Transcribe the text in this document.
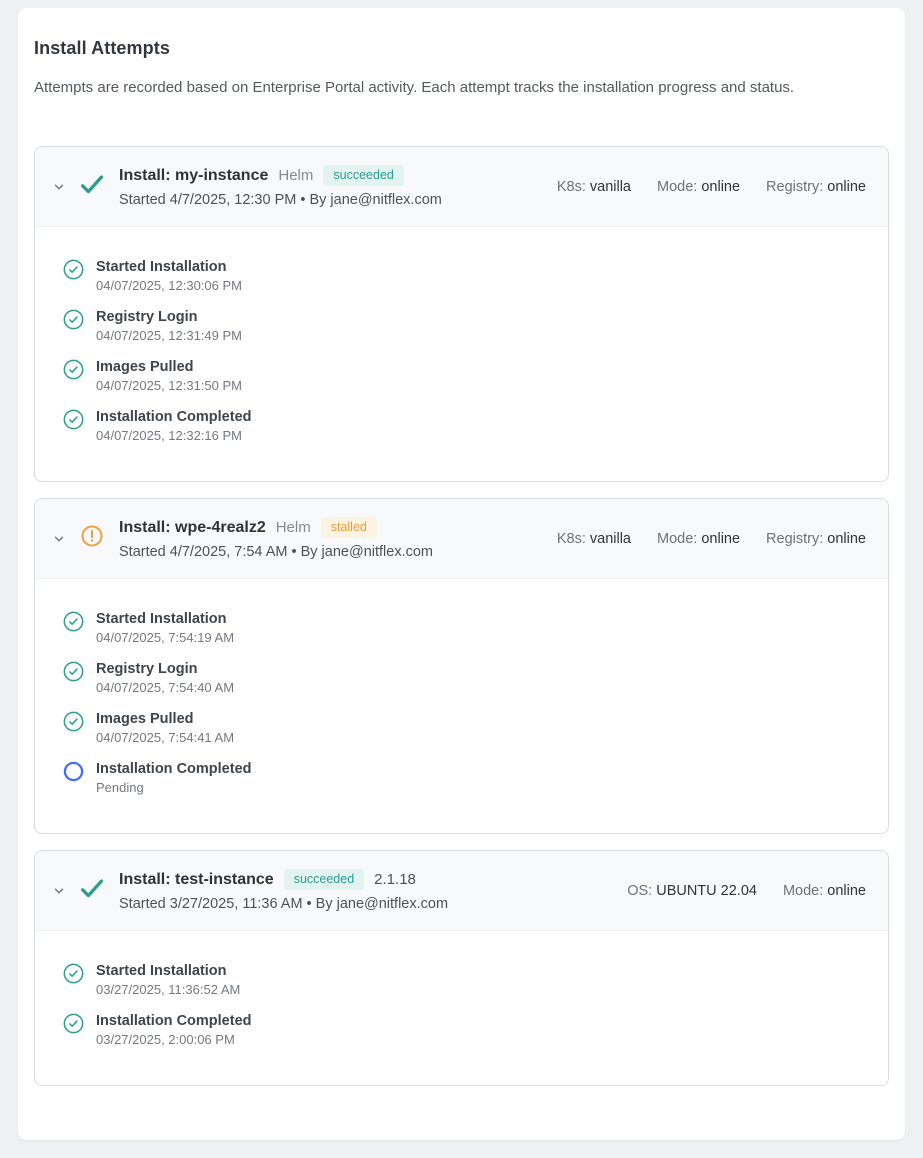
Install Attempts

Attempts are recorded based on Enterprise Portal activity. Each attempt tracks the installation progress and status.

Install: my-instance Helm	succeeded
Started 4/7/2025, 12:30 PM • By jane@nitflex.com
K8s: vanilla Mode: online Registry: online
Started Installation
04/07/2025, 12:30:06 PM
Registry Login
04/07/2025, 12:31:49 PM
Images Pulled
04/07/2025, 12:31:50 PM
Installation Completed
04/07/2025, 12:32:16 PM
Install: wpe-4realz2 Helm	stalled
Started 4/7/2025, 7:54 AM • By jane@nitflex.com
K8s: vanilla Mode: online Registry: online
Started Installation
04/07/2025, 7:54:19 AM
Registry Login
04/07/2025, 7:54:40 AM
Images Pulled
04/07/2025, 7:54:41 AM
Installation Completed
Pending
Install: test-instance	succeeded	2.1.18
Started 3/27/2025, 11:36 AM • By jane@nitflex.com
OS: UBUNTU 22.04 Mode: online
Started Installation
03/27/2025, 11:36:52 AM
Installation Completed
03/27/2025, 2:00:06 PM
